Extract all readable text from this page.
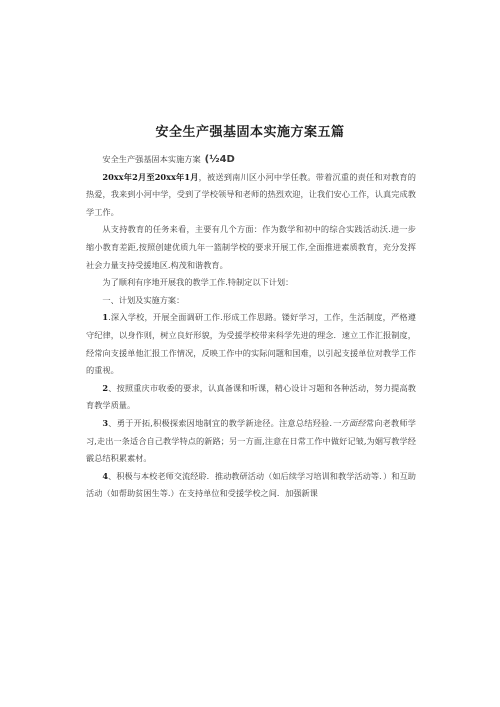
安全生产强基固本实施方案五篇

安全生产强基固本实施方案 (½4D

20xx年2月至20xx年1月，被送到南川区小河中学任教。带着沉重的责任和对教育的热爱，我来到小河中学，受到了学校领导和老师的热烈欢迎，让我们安心工作，认真完成教学工作。

从支持教育的任务来看，主要有几个方面：作为数学和初中的综合实践活动沃.进一步缩小教育差距,按照创建优质九年一篮制学校的要求开展工作,全面推进素质教育，充分发挥社会力量支持受援地区.构茂和谐教育。

为了顺利有序地开展我的教学工作.特制定以下计划：

一、计划及实施方案：

1.深入学校，开展全面调研工作.形成工作思路。镂好学习，工作，生活制度，严格遵守纪律，以身作则，树立良好形貌，为受援学校带来科学先进的理念．速立工作汇报制度，经常向支援单他汇报工作情况，反映工作中的实际问题和国难，以引起支援单位对教学工作的重视。

2、按照重庆市收委的要求，认真备课和听课，精心设计习题和各种活动，努力提高教育教学质量。

3、勇于开拓,积极探索因地制宜的教学新途径。注意总结羟验.一方面经常向老教师学习,走出一条适合自己教学特点的新路；另一方面,注意在日常工作中做好记皱,为姻写教学经霰总结积累素材。

4、积极与本校老师交流经聆．推动教研活动（如后续学习培训和教学活动等．）和互助活动（如帮助贫困生等.）在支持单位和受援学校之间．加强新课
